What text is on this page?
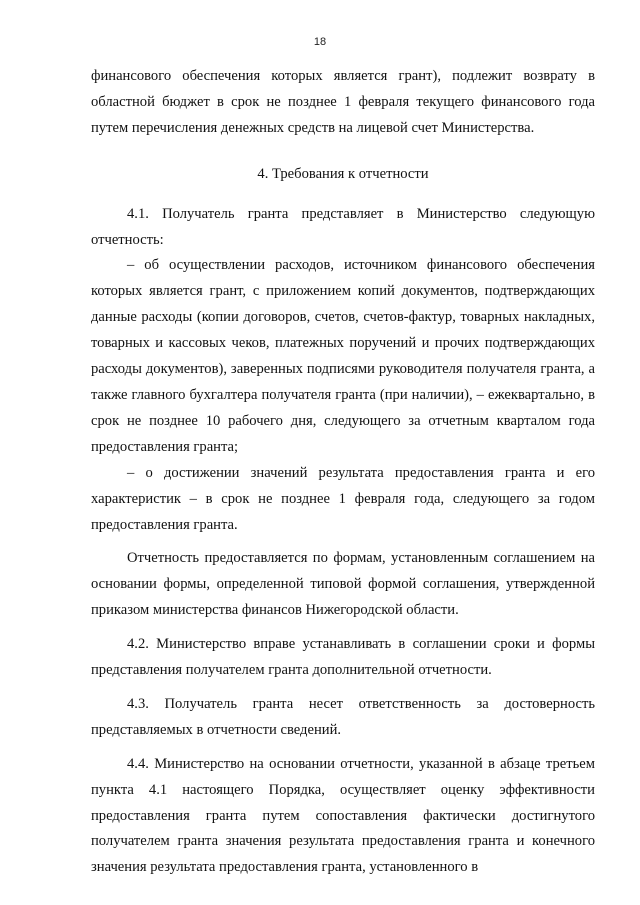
18

финансового обеспечения которых является грант), подлежит возврату в областной бюджет в срок не позднее 1 февраля текущего финансового года путем перечисления денежных средств на лицевой счет Министерства.

4. Требования к отчетности

4.1. Получатель гранта представляет в Министерство следующую отчетность:

– об осуществлении расходов, источником финансового обеспечения которых является грант, с приложением копий документов, подтверждающих данные расходы (копии договоров, счетов, счетов-фактур, товарных накладных, товарных и кассовых чеков, платежных поручений и прочих подтверждающих расходы документов), заверенных подписями руководителя получателя гранта, а также главного бухгалтера получателя гранта (при наличии), – ежеквартально, в срок не позднее 10 рабочего дня, следующего за отчетным кварталом года предоставления гранта;

– о достижении значений результата предоставления гранта и его характеристик – в срок не позднее 1 февраля года, следующего за годом предоставления гранта.

Отчетность предоставляется по формам, установленным соглашением на основании формы, определенной типовой формой соглашения, утвержденной приказом министерства финансов Нижегородской области.

4.2. Министерство вправе устанавливать в соглашении сроки и формы представления получателем гранта дополнительной отчетности.

4.3. Получатель гранта несет ответственность за достоверность представляемых в отчетности сведений.

4.4. Министерство на основании отчетности, указанной в абзаце третьем пункта 4.1 настоящего Порядка, осуществляет оценку эффективности предоставления гранта путем сопоставления фактически достигнутого получателем гранта значения результата предоставления гранта и конечного значения результата предоставления гранта, установленного в
